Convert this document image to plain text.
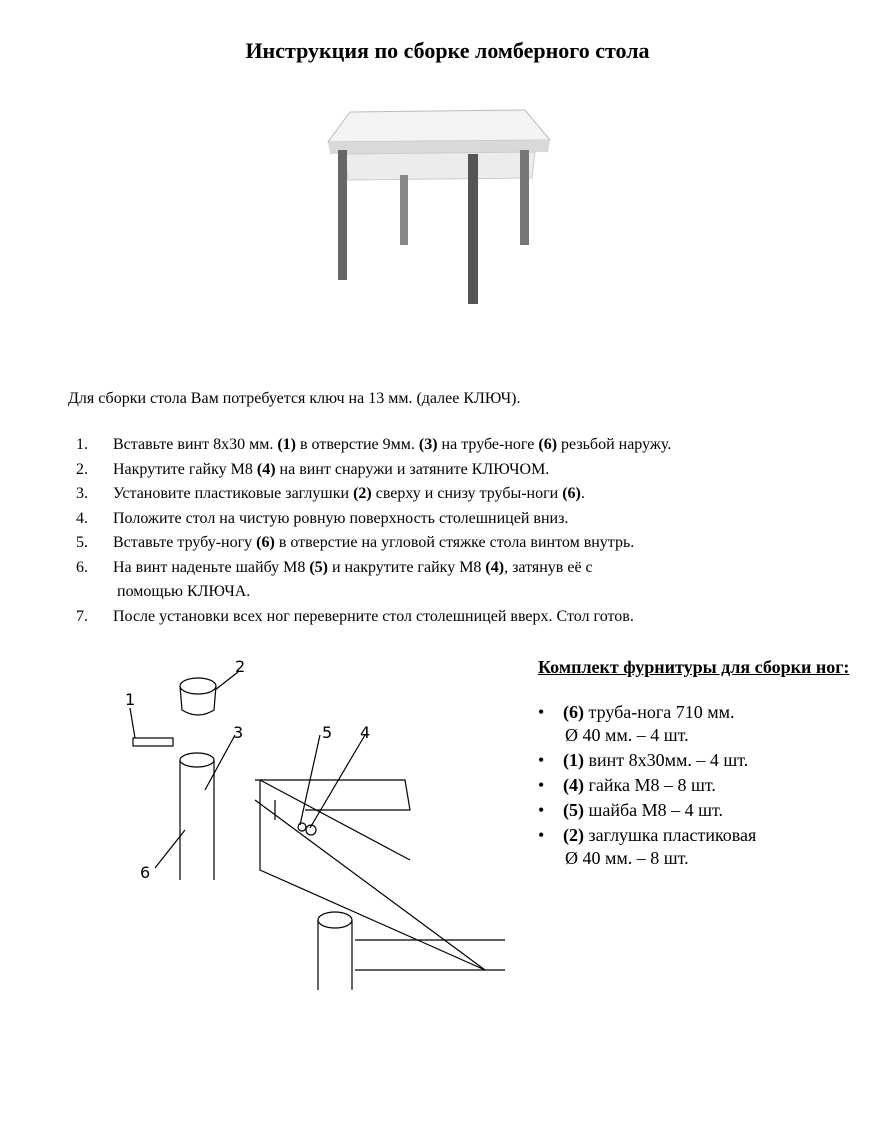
Инструкция по сборке ломберного стола
Для сборки стола Вам потребуется ключ на 13 мм. (далее КЛЮЧ).
1. Вставьте винт 8х30 мм. (1) в отверстие 9мм. (3) на трубе-ноге (6) резьбой наружу.
2. Накрутите гайку М8 (4) на винт снаружи и затяните КЛЮЧОМ.
3. Установите пластиковые заглушки (2) сверху и снизу трубы-ноги (6).
4. Положите стол на чистую ровную поверхность столешницей вниз.
5. Вставьте трубу-ногу (6) в отверстие на угловой стяжке стола винтом внутрь.
6. На винт наденьте шайбу М8 (5) и накрутите гайку М8 (4), затянув её с
помощью КЛЮЧА.
7. После установки всех ног переверните стол столешницей вверх. Стол готов.
1
2
3	4
5
6
Комплект фурнитуры для сборки ног:
• (6) труба-нога 710 мм.
Ø 40 мм. – 4 шт.
• (1) винт 8х30мм. – 4 шт.
• (4) гайка М8 – 8 шт.
• (5) шайба М8 – 4 шт.
• (2) заглушка пластиковая
Ø 40 мм. – 8 шт.
